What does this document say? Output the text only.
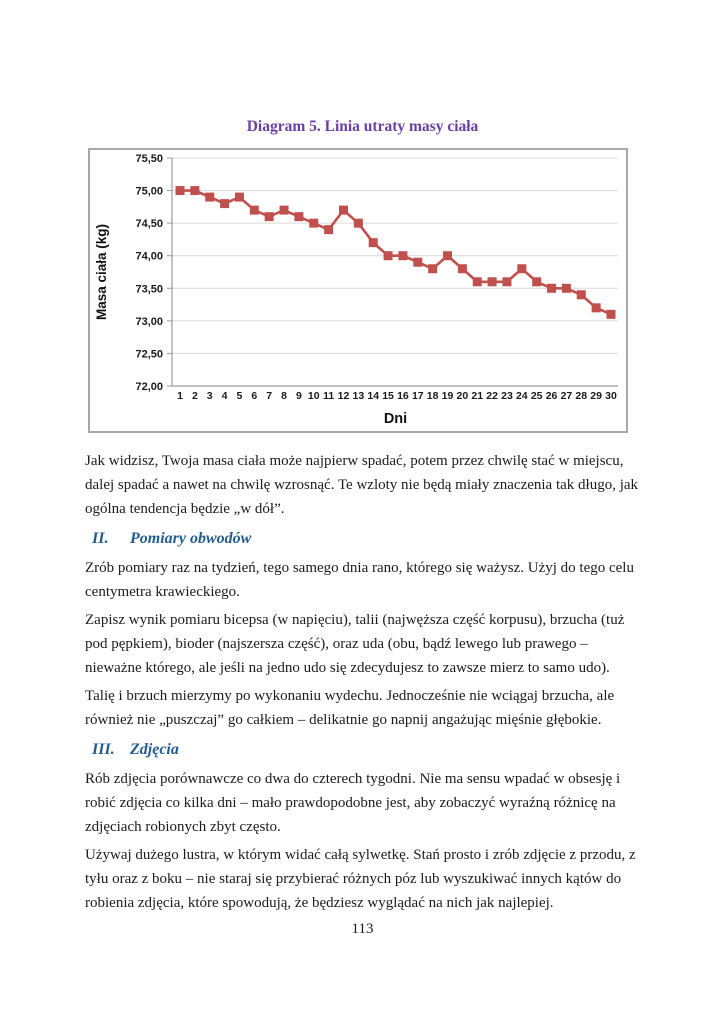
Diagram 5. Linia utraty masy ciała
72,00
72,50
73,00
73,50
74,00
74,50
75,00
75,50
1 2 3 4 5 6 7 8 9 10 11 12 13 14 15 16 17 18 19 20 21 22 23 24 25 26 27 28 29 30
Masa ciała (kg)
Dni

Jak widzisz, Twoja masa ciała może najpierw spadać, potem przez chwilę stać w miejscu, dalej spadać a nawet na chwilę wzrosnąć. Te wzloty nie będą miały znaczenia tak długo, jak ogólna tendencja będzie „w dół”.

II.	Pomiary obwodów

Zrób pomiary raz na tydzień, tego samego dnia rano, którego się ważysz. Użyj do tego celu centymetra krawieckiego.

Zapisz wynik pomiaru bicepsa (w napięciu), talii (najwęższa część korpusu), brzucha (tuż pod pępkiem), bioder (najszersza część), oraz uda (obu, bądź lewego lub prawego – nieważne którego, ale jeśli na jedno udo się zdecydujesz to zawsze mierz to samo udo).

Talię i brzuch mierzymy po wykonaniu wydechu. Jednocześnie nie wciągaj brzucha, ale również nie „puszczaj” go całkiem – delikatnie go napnij angażując mięśnie głębokie.

III. Zdjęcia

Rób zdjęcia porównawcze co dwa do czterech tygodni. Nie ma sensu wpadać w obsesję i robić zdjęcia co kilka dni – mało prawdopodobne jest, aby zobaczyć wyraźną różnicę na zdjęciach robionych zbyt często.

Używaj dużego lustra, w którym widać całą sylwetkę. Stań prosto i zrób zdjęcie z przodu, z tyłu oraz z boku – nie staraj się przybierać różnych póz lub wyszukiwać innych kątów do robienia zdjęcia, które spowodują, że będziesz wyglądać na nich jak najlepiej.

113
